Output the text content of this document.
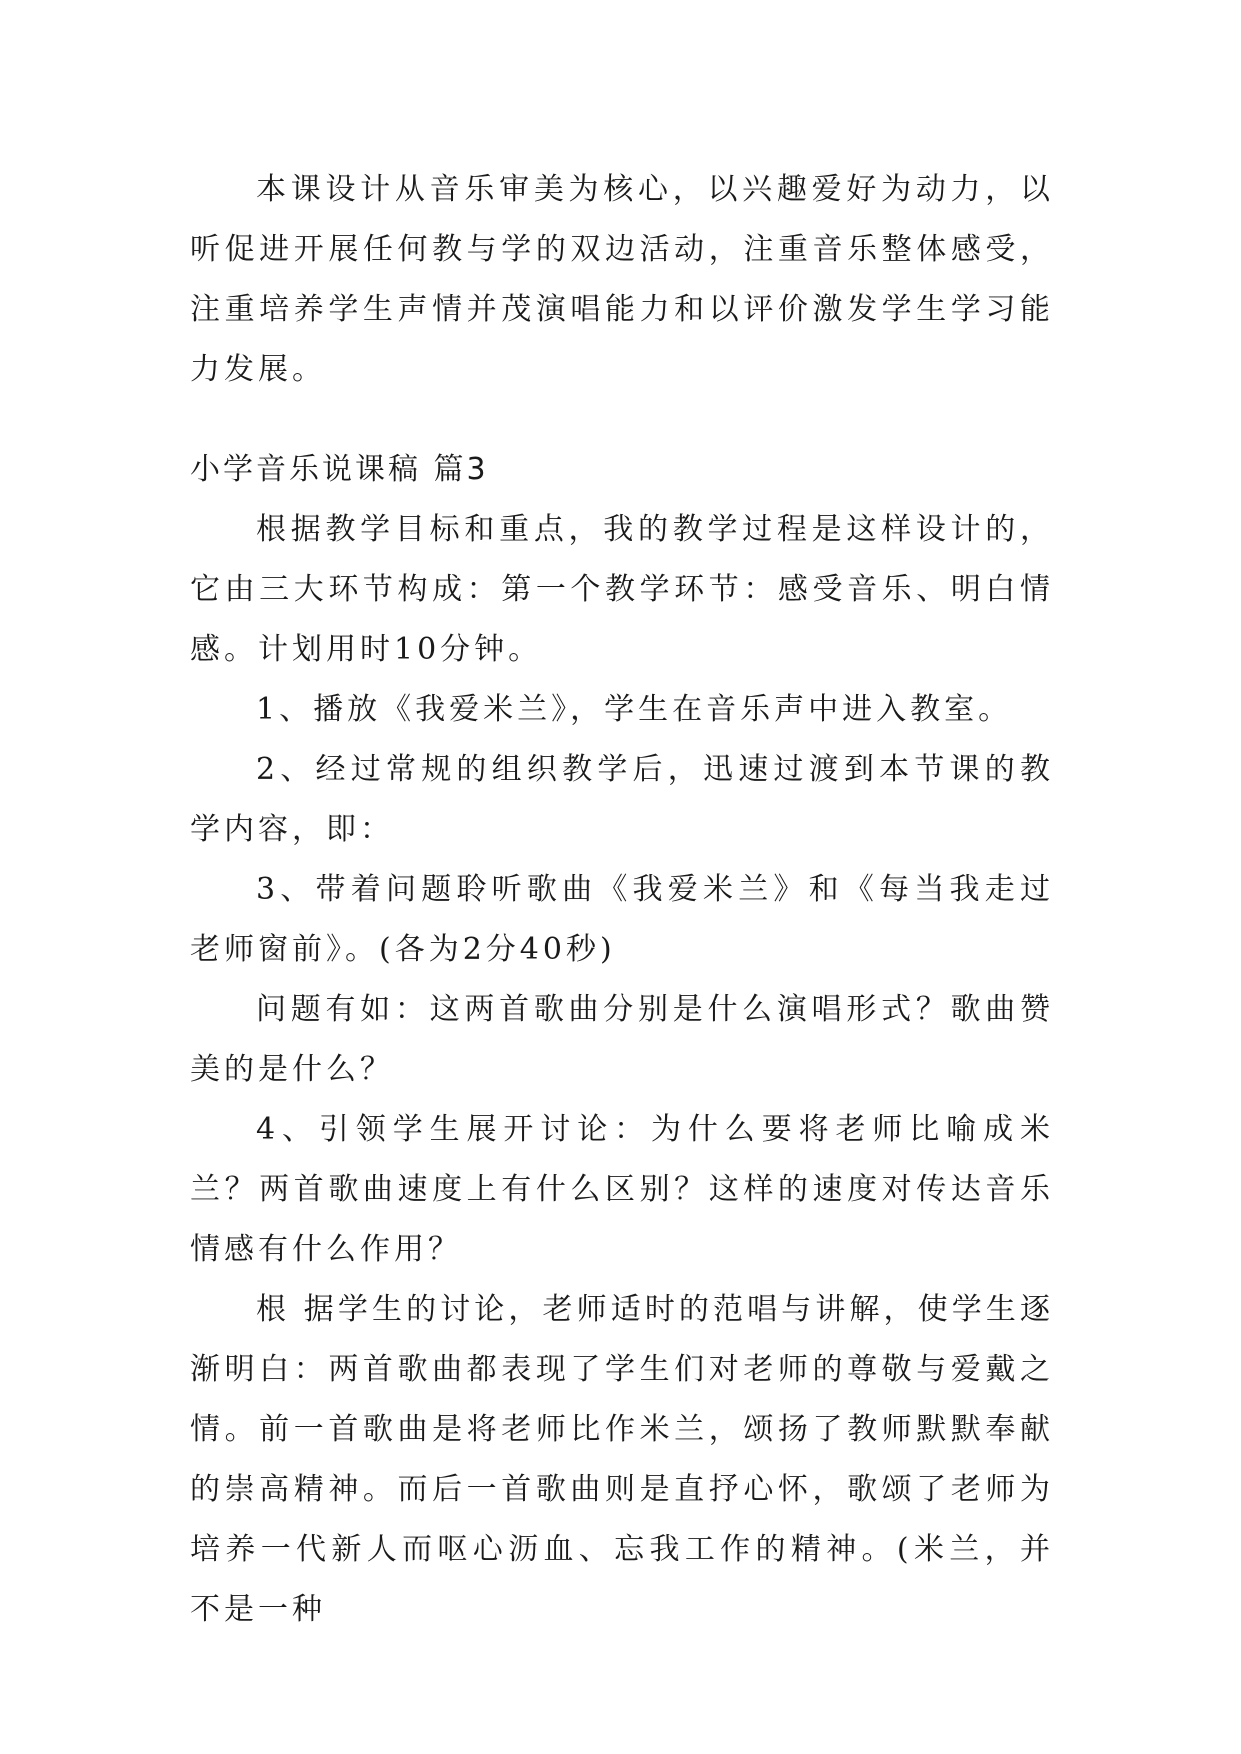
本课设计从音乐审美为核心，以兴趣爱好为动力，以听促进开展任何教与学的双边活动，注重音乐整体感受，注重培养学生声情并茂演唱能力和以评价激发学生学习能力发展。

小学音乐说课稿 篇3

根据教学目标和重点，我的教学过程是这样设计的，它由三大环节构成：第一个教学环节：感受音乐、明白情感。计划用时10分钟。

1、播放《我爱米兰》，学生在音乐声中进入教室。

2、经过常规的组织教学后，迅速过渡到本节课的教学内容，即：

3、带着问题聆听歌曲《我爱米兰》和《每当我走过老师窗前》。(各为2分40秒)

问题有如：这两首歌曲分别是什么演唱形式？歌曲赞美的是什么？

4、引领学生展开讨论：为什么要将老师比喻成米兰？两首歌曲速度上有什么区别？这样的速度对传达音乐情感有什么作用？

根 据学生的讨论，老师适时的范唱与讲解，使学生逐渐明白：两首歌曲都表现了学生们对老师的尊敬与爱戴之情。前一首歌曲是将老师比作米兰，颂扬了教师默默奉献 的崇高精神。而后一首歌曲则是直抒心怀，歌颂了老师为培养一代新人而呕心沥血、忘我工作的精神。(米兰，并不是一种
